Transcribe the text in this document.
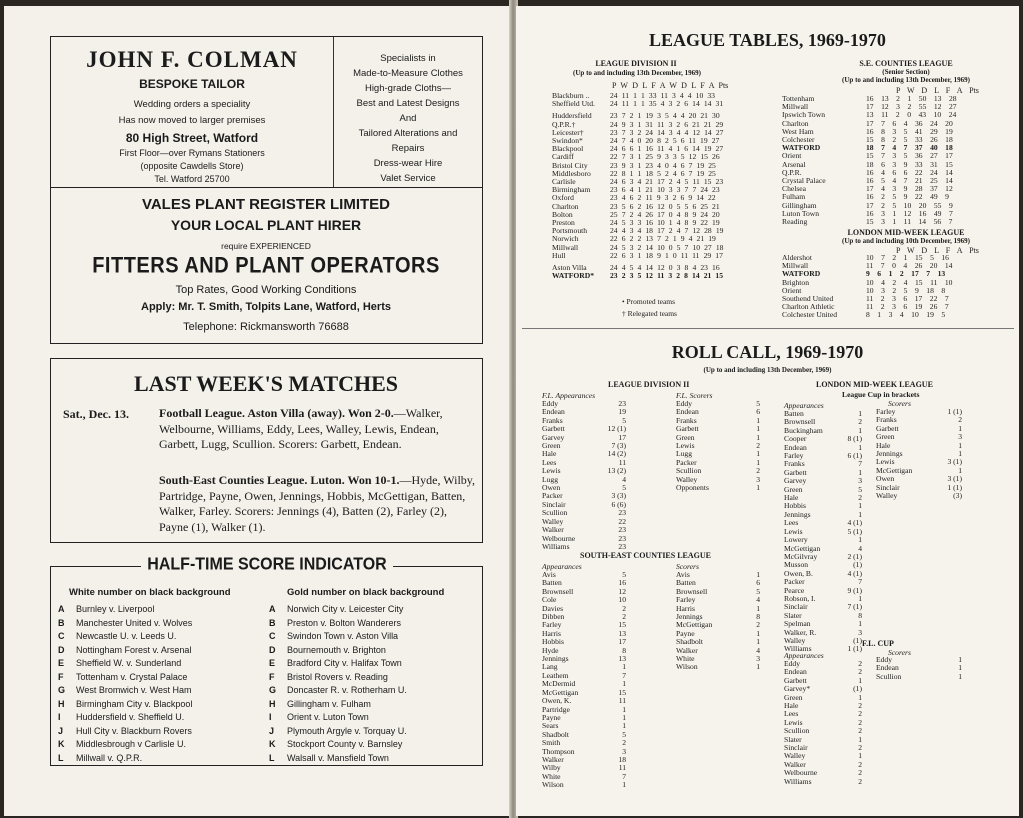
JOHN F. COLMAN
BESPOKE TAILOR
Wedding orders a speciality
Has now moved to larger premises
80 High Street, Watford
First Floor—over Rymans Stationers
(opposite Cawdells Store)
Tel. Watford 25700
Specialists in
Made-to-Measure Clothes
High-grade Cloths—
Best and Latest Designs
And
Tailored Alterations and
Repairs
Dress-wear Hire
Valet Service
VALES PLANT REGISTER LIMITED
YOUR LOCAL PLANT HIRER
require EXPERIENCED
FITTERS AND PLANT OPERATORS
Top Rates, Good Working Conditions
Apply: Mr. T. Smith, Tolpits Lane, Watford, Herts
Telephone: Rickmansworth 76688
LAST WEEK'S MATCHES
Sat., Dec. 13.	Football League. Aston Villa (away). Won 2-0.—Walker, Welbourne, Williams, Eddy, Lees, Walley, Lewis, Endean, Garbett, Lugg, Scullion. Scorers: Garbett, Endean.
South-East Counties League. Luton. Won 10-1.—Hyde, Wilby, Partridge, Payne, Owen, Jennings, Hobbis, McGettigan, Batten, Walker, Farley. Scorers: Jennings (4), Batten (2), Farley (2), Payne (1), Walker (1).
HALF-TIME SCORE INDICATOR
White number on black background	Gold number on black background
A	Burnley v. Liverpool
B	Manchester United v. Wolves
C	Newcastle U. v. Leeds U.
D	Nottingham Forest v. Arsenal
E	Sheffield W. v. Sunderland
F	Tottenham v. Crystal Palace
G	West Bromwich v. West Ham
H	Birmingham City v. Blackpool
I	Huddersfield v. Sheffield U.
J	Hull City v. Blackburn Rovers
K	Middlesbrough v Carlisle U.
L	Millwall v. Q.P.R.
A	Norwich City v. Leicester City
B	Preston v. Bolton Wanderers
C	Swindon Town v. Aston Villa
D	Bournemouth v. Brighton
E	Bradford City v. Halifax Town
F	Bristol Rovers v. Reading
G	Doncaster R. v. Rotherham U.
H	Gillingham v. Fulham
I	Orient v. Luton Town
J	Plymouth Argyle v. Torquay U.
K	Stockport County v. Barnsley
L	Walsall v. Mansfield Town
LEAGUE TABLES, 1969-1970
LEAGUE DIVISION II
(Up to and including 13th December, 1969)
P W D L F A W D L F A Pts
Blackburn ..	24 11 1 1 33 11 3 4 4 10 33
Sheffield Utd.	24 11 1 1 35 4 3 2 6 14 14 31
Huddersfield	23 7 2 1 19 3 5 4 4 20 21 30
Q.P.R.†	24 9 3 1 31 11 3 2 6 21 21 29
Leicester†	23 7 3 2 24 14 3 4 4 12 14 27
Swindon*	24 7 4 0 20 8 2 5 6 11 19 27
Blackpool	24 6 6 1 16 11 4 1 6 14 19 27
Cardiff	22 7 3 1 25 9 3 3 5 12 15 26
Bristol City	23 9 3 1 23 4 0 4 6 7 19 25
Middlesboro	22 8 1 1 18 5 2 4 6 7 19 25
Carlisle	24 6 3 4 21 17 2 4 5 11 15 23
Birmingham	23 6 4 1 21 10 3 3 7 7 24 23
Oxford	23 4 6 2 11 9 3 2 6 9 14 22
Charlton	23 5 6 2 16 12 0 5 5 6 25 21
Bolton	25 7 2 4 26 17 0 4 8 9 24 20
Preston	24 5 3 3 16 10 1 4 8 9 22 19
Portsmouth	24 4 3 4 18 17 2 4 7 12 28 19
Norwich	22 6 2 2 13 7 2 1 9 4 21 19
Millwall	24 5 3 2 14 10 0 5 7 10 27 18
Hull	22 6 3 1 18 9 1 0 11 11 29 17
Aston Villa	24 4 5 4 14 12 0 3 8 4 23 16
WATFORD*	23 2 3 5 12 11 3 2 8 14 21 15
• Promoted teams
† Relegated teams
S.E. COUNTIES LEAGUE
(Senior Section)
(Up to and including 13th December, 1969)
P W D L F A Pts
Tottenham	16 13 2 1 50 13 28
Millwall	17 12 3 2 55 12 27
Ipswich Town	13 11 2 0 43 10 24
Charlton	17 7 6 4 36 24 20
West Ham	16 8 3 5 41 29 19
Colchester	15 8 2 5 33 26 18
WATFORD	18 7 4 7 37 40 18
Orient	15 7 3 5 36 27 17
Arsenal	18 6 3 9 33 31 15
Q.P.R.	16 4 6 6 22 24 14
Crystal Palace	16 5 4 7 21 25 14
Chelsea	17 4 3 9 28 37 12
Fulham	16 2 5 9 22 49 9
Gillingham	17 2 5 10 20 55 9
Luton Town	16 3 1 12 16 49 7
Reading	15 3 1 11 14 56 7
LONDON MID-WEEK LEAGUE
(Up to and including 10th December, 1969)
P W D L F A Pts
Aldershot	10 7 2 1 15 5 16
Millwall	11 7 0 4 26 20 14
WATFORD	9 6 1 2 17 7 13
Brighton	10 4 2 4 15 11 10
Orient	10 3 2 5 9 18 8
Southend United	11 2 3 6 17 22 7
Charlton Athletic	11 2 3 6 19 26 7
Colchester United	8 1 3 4 10 19 5
ROLL CALL, 1969-1970
(Up to and including 13th December, 1969)
LEAGUE DIVISION II
F.L. Appearances	F.L. Scorers
Eddy	23
Endean	19
Franks	5
Garbett	12 (1)
Garvey	17
Green	7 (3)
Hale	14 (2)
Lees	11
Lewis	13 (2)
Lugg	4
Owen	5
Packer	3 (3)
Sinclair	6 (6)
Scullion	23
Walley	22
Walker	23
Welbourne	23
Williams	23
Eddy	5
Endean	6
Franks	1
Garbett	1
Green	1
Lewis	2
Lugg	1
Packer	1
Scullion	2
Walley	3
Opponents	1
SOUTH-EAST COUNTIES LEAGUE
Appearances	Scorers
Avis	5
Batten	16
Brownsell	12
Cole	10
Davies	2
Dibben	2
Farley	15
Harris	13
Hobbis	17
Hyde	8
Jennings	13
Lang	1
Leathem	7
McDermid	1
McGettigan	15
Owen, K.	11
Partridge	1
Payne	1
Sears	1
Shadbolt	5
Smith	2
Thompson	3
Walker	18
Wilby	11
White	7
Wilson	1
Avis	1
Batten	6
Brownsell	5
Farley	4
Harris	1
Jennings	8
McGettigan	2
Payne	1
Shadbolt	1
Walker	4
White	3
Wilson	1
LONDON MID-WEEK LEAGUE
League Cup in brackets
Appearances	Scorers
Batten	1
Brownsell	2
Buckingham	1
Cooper	8 (1)
Endean	1
Farley	6 (1)
Franks	7
Garbett	1
Garvey	3
Green	5
Hale	2
Hobbis	1
Jennings	1
Lees	4 (1)
Lewis	5 (1)
Lowery	1
McGettigan	4
McGilvray	2 (1)
Musson	(1)
Owen, B.	4 (1)
Packer	7
Pearce	9 (1)
Robson, I.	1
Sinclair	7 (1)
Slater	8
Spelman	1
Walker, R.	3
Walley	(1)
Williams	1 (1)
Farley	1 (1)
Franks	2
Garbett	1
Green	3
Hale	1
Jennings	1
Lewis	3 (1)
McGettigan	1
Owen	3 (1)
Sinclair	1 (1)
Walley	(3)
F.L. CUP
Appearances	Scorers
Eddy	2
Endean	2
Garbett	1
Garvey*	(1)
Green	1
Hale	2
Lees	2
Lewis	2
Scullion	2
Slater	1
Sinclair	2
Walley	1
Walker	2
Welbourne	2
Williams	2
Eddy	1
Endean	1
Scullion	1
